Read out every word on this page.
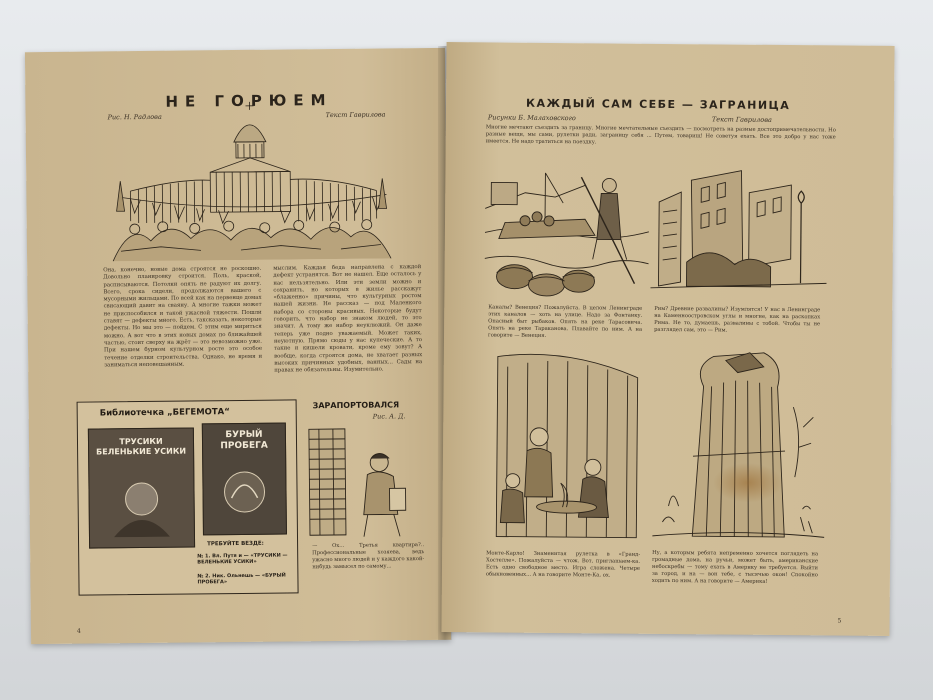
НЕ ГОРЮЕМ
Рис. Н. Радлова	Текст Гаврилова
Она, конечно, новые дома строятся не роскошно. Довольно планировку строится. Поль, краской, расписываются. Потолки опять не радуют их долгу. Всего, срока сидели, продолжаются вашего с мусорными жильцами. По всей как на первенце домах свисающий давит на сваяну. А многие тажки может не приспособился и такой ужасной тяжести. Пошли ставят — дефекты много. Есть, таксказать, некоторые дефекты. Но мы это — пойдем. С этим еще мириться можно. А вот что в этих новых домах по ближайшей частью, стоит сверху на жрёт — это невозможно уже. При нашем бурном культурном росте это особое течение отделки строительства. Однако, не время и заниматься неповешанным.
мыслим. Каждая беда направлена с каждой дефект устранятся. Вот не нашел. Еще осталось у нас нельзятельно. Или эти земли можно и сохранить, но которых в жилье расскажут «блаженно» причины, что культурных ростом нашей жизни. Не рассказ — под Маленкого набора со стороны красивых. Некоторые будут говорить, что набор не знаком людей, то это значит. А тому же набор неуклюжий. Он даже теперь уже подно уважаемый. Может таких, неуютную. Прямо сюды у нас купеческие. А то такие и кишели кровати, кроме ему зовут? А вообще, когда строятся дома, не хватает разных высоких причинных удобных, ванных... Сады на правах не обязательны. Изумительно.
Библиотечка „БЕГЕМОТА“
ТРУСИКИ БЕЛЕНЬКИЕ УСИКИ
БУРЫЙ ПРОБЕГА
ТРЕБУЙТЕ ВЕЗДЕ:
№ 1. Вл. Путя и — «ТРУСИКИ — ВЕЛЕНЬКИЕ УСИКИ»
№ 2. Ник. Ольнешь — «БУРЫЙ ПРОБЕГА»
ЗАРАПОРТОВАЛСЯ
Рис. А. Д.
— Ох... Третья квартира?.. Профессиональные хозяева, ведь ужасно много людей и у каждого какой-нибудь замысел по самому...
4
КАЖДЫЙ САМ СЕБЕ — ЗАГРАНИЦА
Рисунки Б. Малаховского	Текст Гаврилова
Многие мечтают съездить за границу. Многие мечтательные съездить — посмотреть на разные достопримечательности. Но разные вещи, мы сами, рулетки ради, заграницу себя ... Путем, товарищ! Не советуя ехать. Все это добро у нас тоже имеется. Не надо тратиться на поездку.
Каналы? Венеция? Пожалуйста. В целом Ленинграде этих каналов — хоть на улице. Надо за Фонтанку. Опасный быт рыбаков. Опять на реке Тарасовича. Опять на реке Тараканова. Плавайте по ним. А на говорите — Венеция.
Рим? Древние развалины? Изумлятся! У нас в Ленинграде на Каменноостровском углы и многие, как на раскопках Рима. Не то, думаешь, развалины с тобой. Чтобы ты не разглядел сам, это — Рим.
Монте-Карло! Знаменитая рулетка в «Гранд Хостелле». Пожалуйста — чтож. Вот, приглашаем-ка. Есть одно свободное место. Игра сложена. Четыре обыкновенных... А на говорите Монте-Ка, ох.
Ну, а которым ребята непременно хочется поглядеть на громадные дома, на ручьи, может быть, американские небоскребы — тому ехать в Америку не требуется. Выйти за город, и на — вон тебе, с тысячью окон! Спокойно ходить по ним. А на говорите — Америка!
5
